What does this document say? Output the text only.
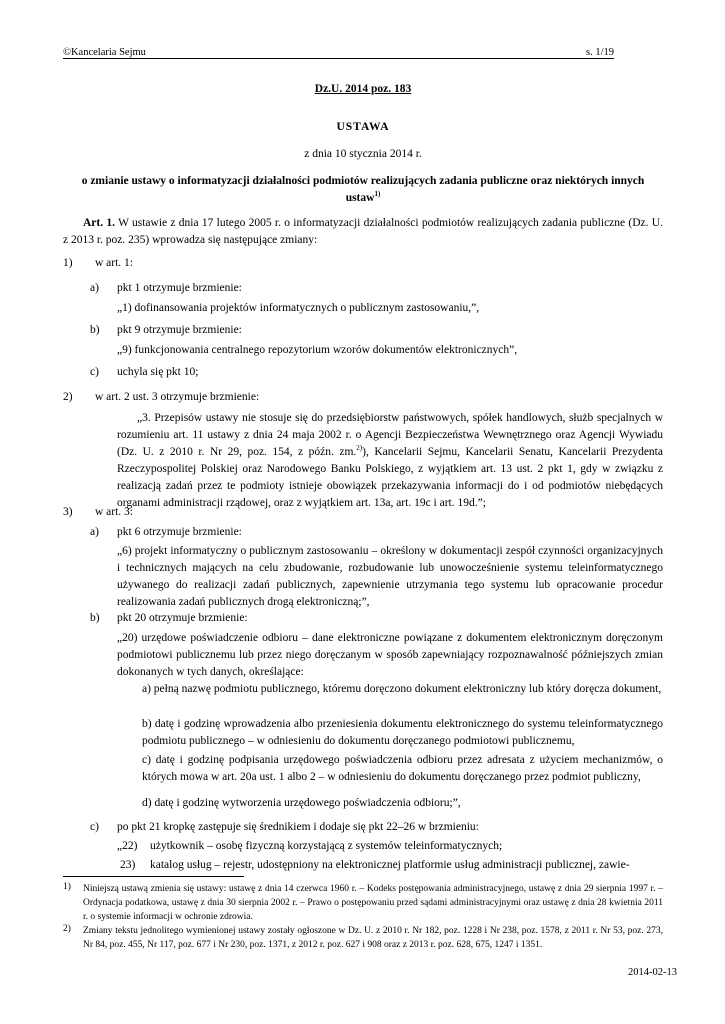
©Kancelaria Sejmu	s. 1/19
Dz.U. 2014 poz. 183
USTAWA
z dnia 10 stycznia 2014 r.
o zmianie ustawy o informatyzacji działalności podmiotów realizujących zadania publiczne oraz niektórych innych ustaw$^{1)}$
Art. 1. W ustawie z dnia 17 lutego 2005 r. o informatyzacji działalności podmiotów realizujących zadania publiczne (Dz. U. z 2013 r. poz. 235) wprowadza się następujące zmiany:
1) w art. 1:
a) pkt 1 otrzymuje brzmienie:
„1) dofinansowania projektów informatycznych o publicznym zastosowaniu,”,
b) pkt 9 otrzymuje brzmienie:
„9) funkcjonowania centralnego repozytorium wzorów dokumentów elektronicznych”,
c) uchyla się pkt 10;
2) w art. 2 ust. 3 otrzymuje brzmienie:
„3. Przepisów ustawy nie stosuje się do przedsiębiorstw państwowych, spółek handlowych, służb specjalnych w rozumieniu art. 11 ustawy z dnia 24 maja 2002 r. o Agencji Bezpieczeństwa Wewnętrznego oraz Agencji Wywiadu (Dz. U. z 2010 r. Nr 29, poz. 154, z późn. zm.$^{2)}$), Kancelarii Sejmu, Kancelarii Senatu, Kancelarii Prezydenta Rzeczypospolitej Polskiej oraz Narodowego Banku Polskiego, z wyjątkiem art. 13 ust. 2 pkt 1, gdy w związku z realizacją zadań przez te podmioty istnieje obowiązek przekazywania informacji do i od podmiotów niebędących organami administracji rządowej, oraz z wyjątkiem art. 13a, art. 19c i art. 19d.”;
3) w art. 3:
a) pkt 6 otrzymuje brzmienie:
„6) projekt informatyczny o publicznym zastosowaniu – określony w dokumentacji zespół czynności organizacyjnych i technicznych mających na celu zbudowanie, rozbudowanie lub unowocześnienie systemu teleinformatycznego używanego do realizacji zadań publicznych, zapewnienie utrzymania tego systemu lub opracowanie procedur realizowania zadań publicznych drogą elektroniczną;”,
b) pkt 20 otrzymuje brzmienie:
„20) urzędowe poświadczenie odbioru – dane elektroniczne powiązane z dokumentem elektronicznym doręczonym podmiotowi publicznemu lub przez niego doręczanym w sposób zapewniający rozpoznawalność późniejszych zmian dokonanych w tych danych, określające:
a) pełną nazwę podmiotu publicznego, któremu doręczono dokument elektroniczny lub który doręcza dokument,
b) datę i godzinę wprowadzenia albo przeniesienia dokumentu elektronicznego do systemu teleinformatycznego podmiotu publicznego – w odniesieniu do dokumentu doręczanego podmiotowi publicznemu,
c) datę i godzinę podpisania urzędowego poświadczenia odbioru przez adresata z użyciem mechanizmów, o których mowa w art. 20a ust. 1 albo 2 – w odniesieniu do dokumentu doręczanego przez podmiot publiczny,
d) datę i godzinę wytworzenia urzędowego poświadczenia odbioru;”,
c) po pkt 21 kropkę zastępuje się średnikiem i dodaje się pkt 22–26 w brzmieniu:
„22) użytkownik – osobę fizyczną korzystającą z systemów teleinformatycznych;
23) katalog usług – rejestr, udostępniony na elektronicznej platformie usług administracji publicznej, zawie-
1) Niniejszą ustawą zmienia się ustawy: ustawę z dnia 14 czerwca 1960 r. – Kodeks postępowania administracyjnego, ustawę z dnia 29 sierpnia 1997 r. – Ordynacja podatkowa, ustawę z dnia 30 sierpnia 2002 r. – Prawo o postępowaniu przed sądami administracyjnymi oraz ustawę z dnia 28 kwietnia 2011 r. o systemie informacji w ochronie zdrowia.
2) Zmiany tekstu jednolitego wymienionej ustawy zostały ogłoszone w Dz. U. z 2010 r. Nr 182, poz. 1228 i Nr 238, poz. 1578, z 2011 r. Nr 53, poz. 273, Nr 84, poz. 455, Nr 117, poz. 677 i Nr 230, poz. 1371, z 2012 r. poz. 627 i 908 oraz z 2013 r. poz. 628, 675, 1247 i 1351.
2014-02-13
